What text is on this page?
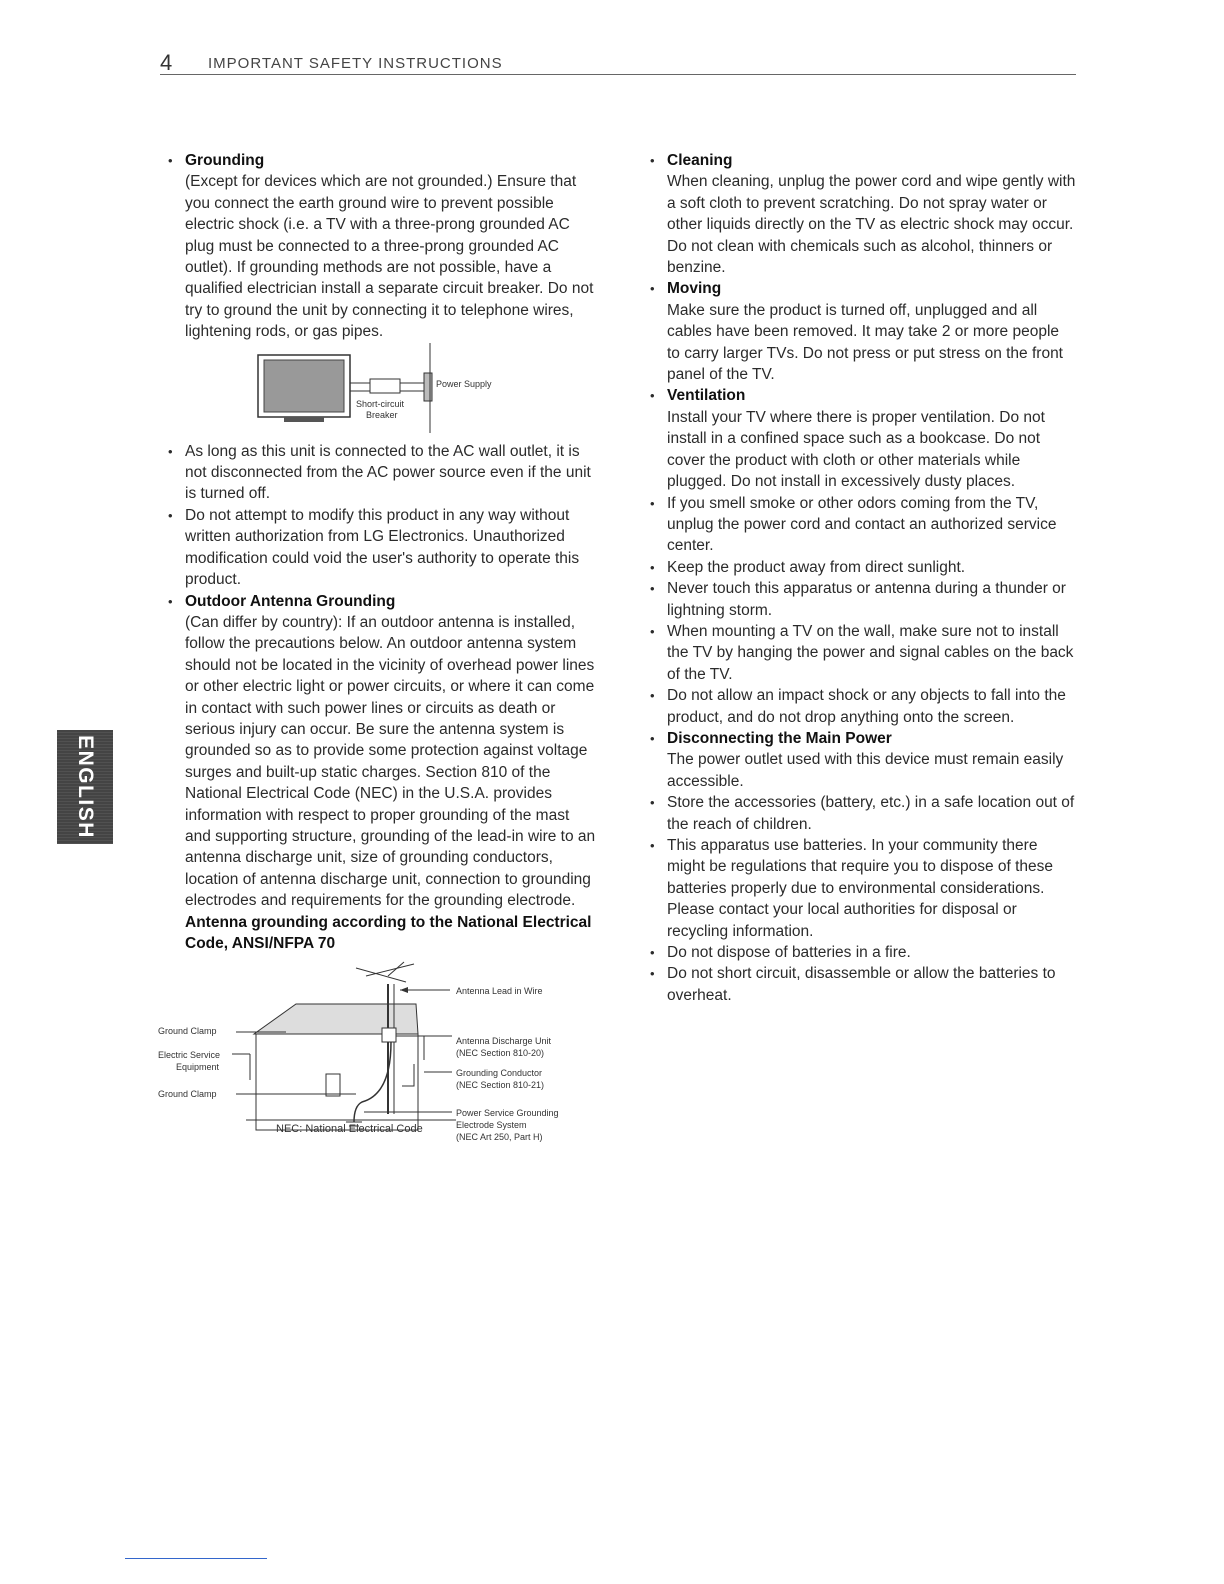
4 IMPORTANT SAFETY INSTRUCTIONS
ENGLISH
• Grounding
(Except for devices which are not grounded.) Ensure that you connect the earth ground wire to prevent possible electric shock (i.e. a TV with a three-prong grounded AC plug must be connected to a three-prong grounded AC outlet). If grounding methods are not possible, have a qualified electrician install a separate circuit breaker. Do not try to ground the unit by connecting it to telephone wires, lightening rods, or gas pipes.
Power Supply
Short-circuit
Breaker
• As long as this unit is connected to the AC wall outlet, it is not disconnected from the AC power source even if the unit is turned off.
• Do not attempt to modify this product in any way without written authorization from LG Electronics. Unauthorized modification could void the user's authority to operate this product.
• Outdoor Antenna Grounding
(Can differ by country): If an outdoor antenna is installed, follow the precautions below. An outdoor antenna system should not be located in the vicinity of overhead power lines or other electric light or power circuits, or where it can come in contact with such power lines or circuits as death or serious injury can occur. Be sure the antenna system is grounded so as to provide some protection against voltage surges and built-up static charges. Section 810 of the National Electrical Code (NEC) in the U.S.A. provides information with respect to proper grounding of the mast and supporting structure, grounding of the lead-in wire to an antenna discharge unit, size of grounding conductors, location of antenna discharge unit, connection to grounding electrodes and requirements for the grounding electrode.
Antenna grounding according to the National Electrical Code, ANSI/NFPA 70
Antenna Lead in Wire
Antenna Discharge Unit
(NEC Section 810-20)
Grounding Conductor
(NEC Section 810-21)
Ground Clamp
Electric Service
Equipment
Ground Clamp
Power Service Grounding
Electrode System
(NEC Art 250, Part H)
NEC: National Electrical Code
• Cleaning
When cleaning, unplug the power cord and wipe gently with a soft cloth to prevent scratching. Do not spray water or other liquids directly on the TV as electric shock may occur. Do not clean with chemicals such as alcohol, thinners or benzine.
• Moving
Make sure the product is turned off, unplugged and all cables have been removed. It may take 2 or more people to carry larger TVs. Do not press or put stress on the front panel of the TV.
• Ventilation
Install your TV where there is proper ventilation. Do not install in a confined space such as a bookcase. Do not cover the product with cloth or other materials while plugged. Do not install in excessively dusty places.
• If you smell smoke or other odors coming from the TV, unplug the power cord and contact an authorized service center.
• Keep the product away from direct sunlight.
• Never touch this apparatus or antenna during a thunder or lightning storm.
• When mounting a TV on the wall, make sure not to install the TV by hanging the power and signal cables on the back of the TV.
• Do not allow an impact shock or any objects to fall into the product, and do not drop anything onto the screen.
• Disconnecting the Main Power
The power outlet used with this device must remain easily accessible.
• Store the accessories (battery, etc.) in a safe location out of the reach of children.
• This apparatus use batteries. In your community there might be regulations that require you to dispose of these batteries properly due to environmental considerations. Please contact your local authorities for disposal or recycling information.
• Do not dispose of batteries in a fire.
• Do not short circuit, disassemble or allow the batteries to overheat.
